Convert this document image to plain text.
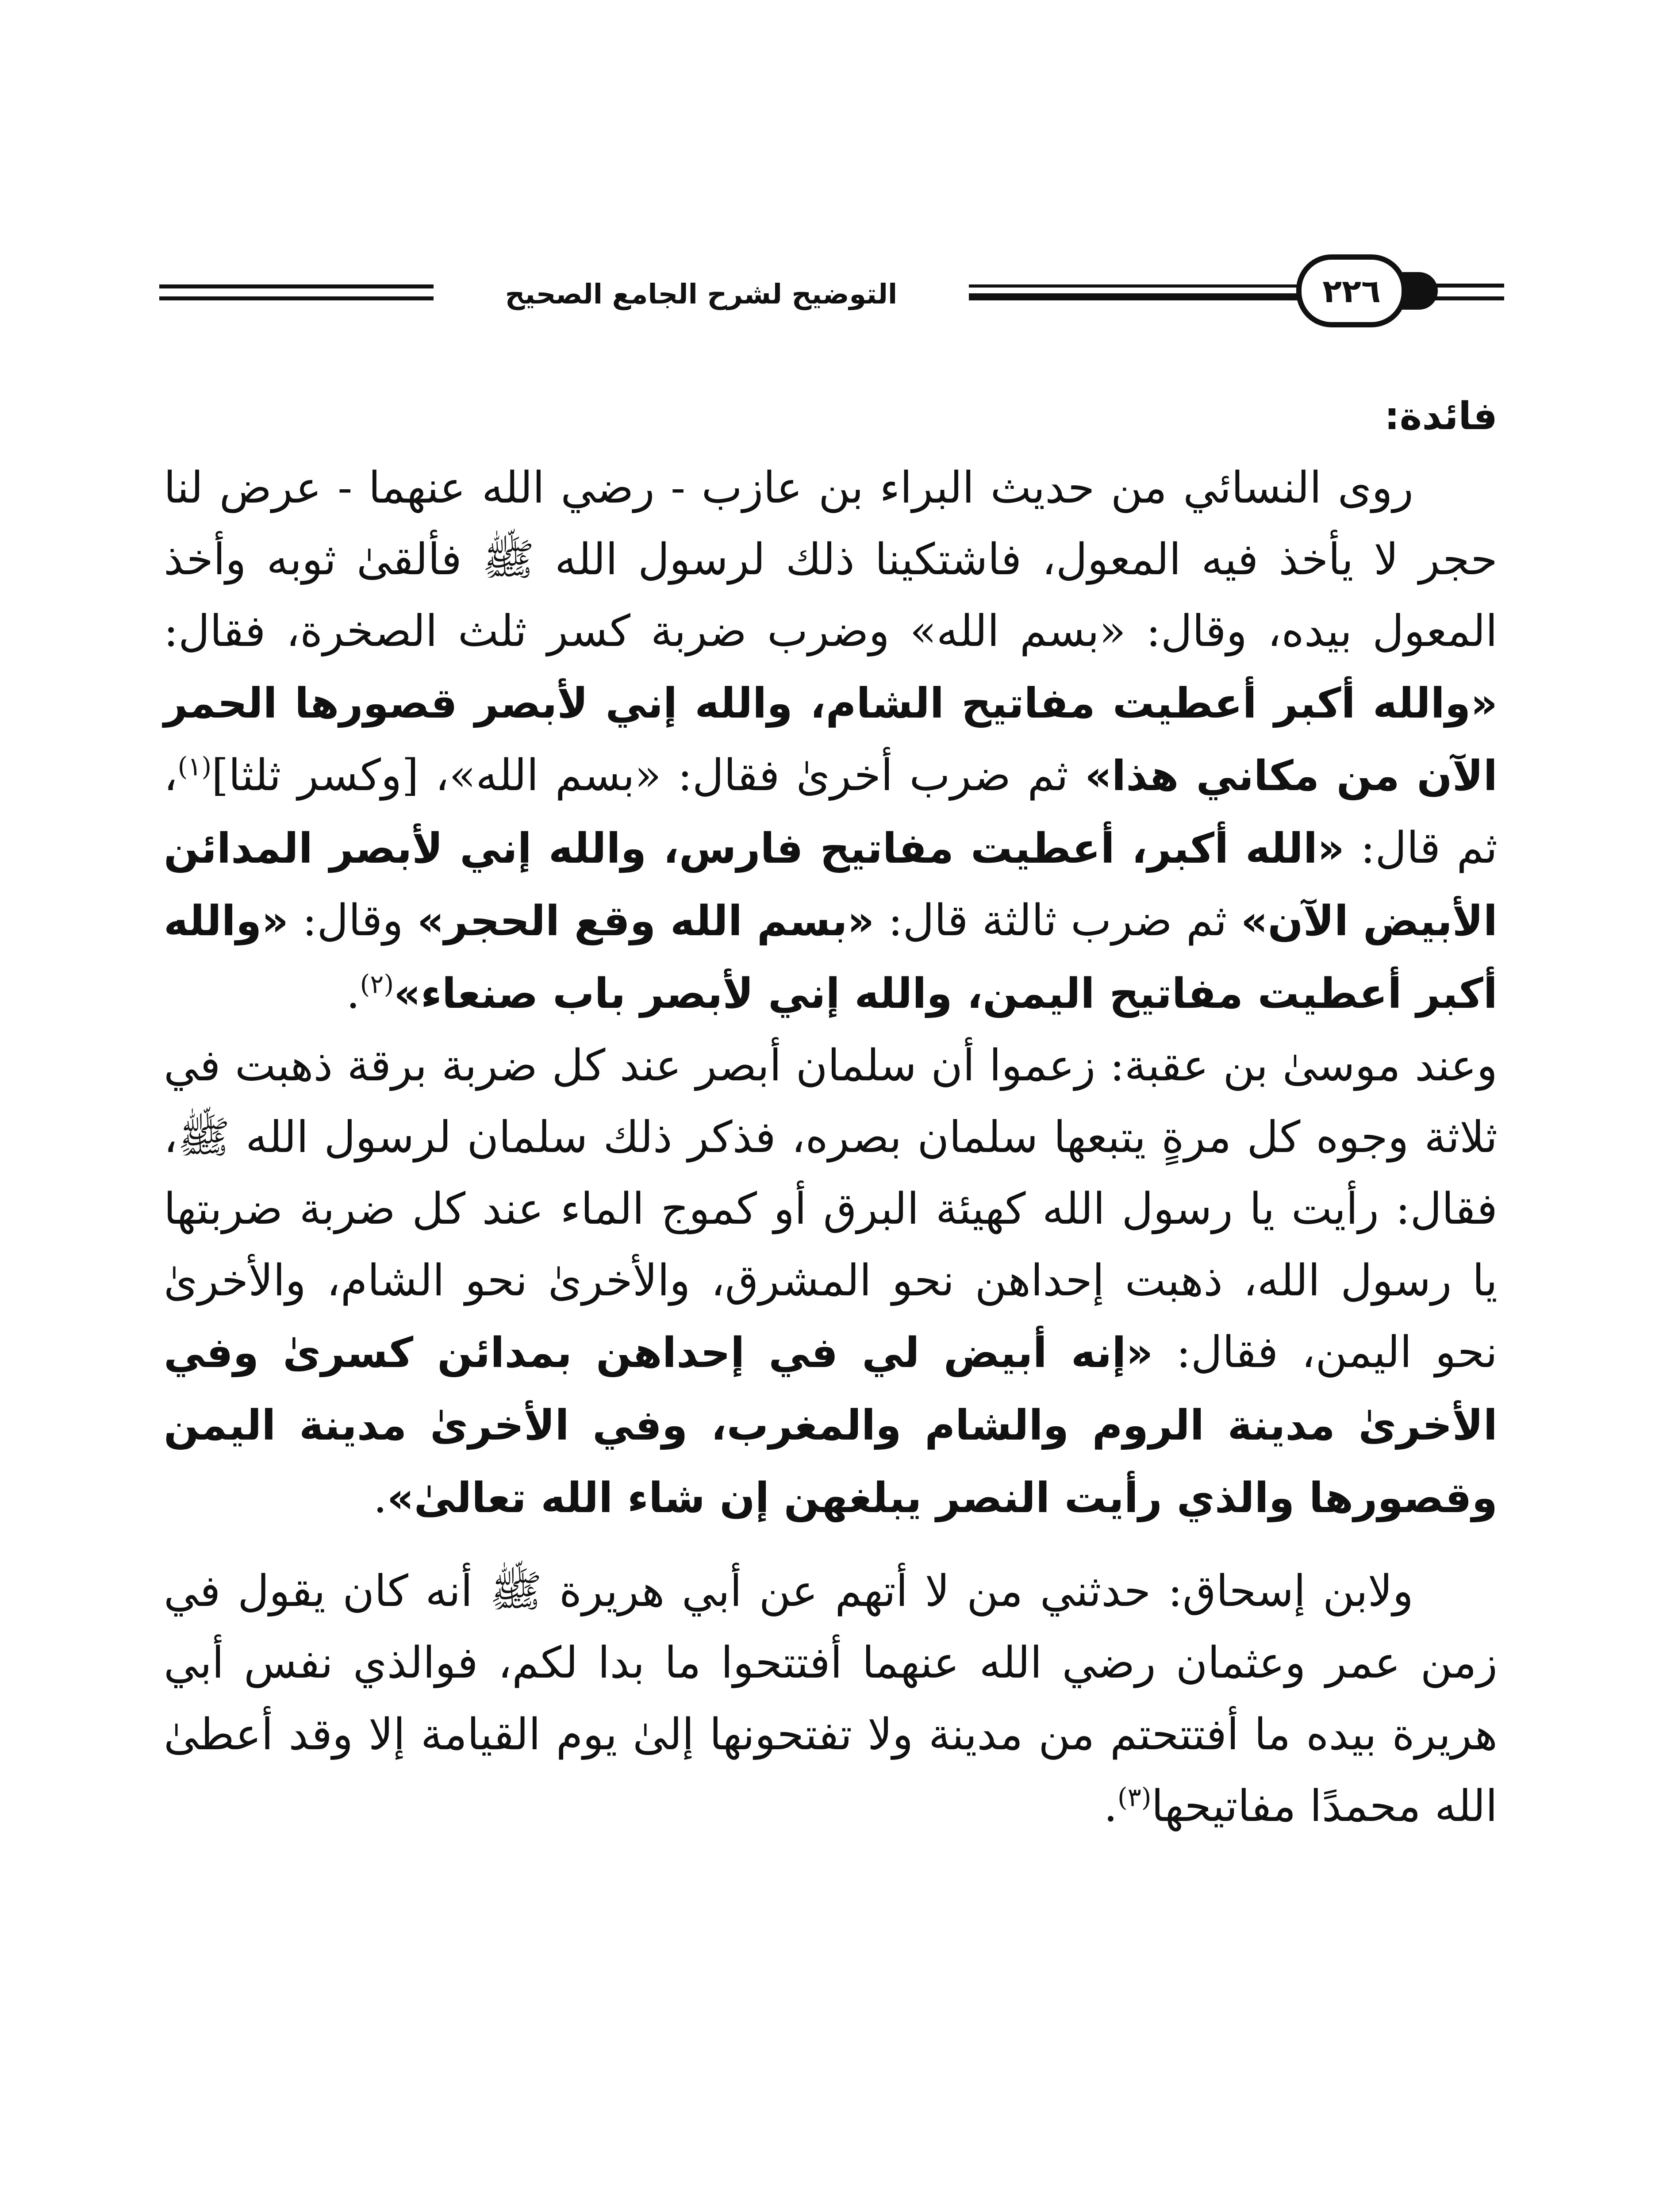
التوضيح لشرح الجامع الصحيح	٢٢٦

فائدة:

روى النسائي من حديث البراء بن عازب - رضي الله عنهما - عرض لنا حجر لا يأخذ فيه المعول، فاشتكينا ذلك لرسول الله ﷺ فألقىٰ ثوبه وأخذ المعول بيده، وقال: «بسم الله» وضرب ضربة كسر ثلث الصخرة، فقال: «والله أكبر أعطيت مفاتيح الشام، والله إني لأبصر قصورها الحمر الآن من مكاني هذا» ثم ضرب أخرىٰ فقال: «بسم الله»، [وكسر ثلثا]$^{(١)}$، ثم قال: «الله أكبر، أعطيت مفاتيح فارس، والله إني لأبصر المدائن الأبيض الآن» ثم ضرب ثالثة قال: «بسم الله وقع الحجر» وقال: «والله أكبر أعطيت مفاتيح اليمن، والله إني لأبصر باب صنعاء»$^{(٢)}$.

وعند موسىٰ بن عقبة: زعموا أن سلمان أبصر عند كل ضربة برقة ذهبت في ثلاثة وجوه كل مرةٍ يتبعها سلمان بصره، فذكر ذلك سلمان لرسول الله ﷺ، فقال: رأيت يا رسول الله كهيئة البرق أو كموج الماء عند كل ضربة ضربتها يا رسول الله، ذهبت إحداهن نحو المشرق، والأخرىٰ نحو الشام، والأخرىٰ نحو اليمن، فقال: «إنه أبيض لي في إحداهن بمدائن كسرىٰ وفي الأخرىٰ مدينة الروم والشام والمغرب، وفي الأخرىٰ مدينة اليمن وقصورها والذي رأيت النصر يبلغهن إن شاء الله تعالىٰ».

ولابن إسحاق: حدثني من لا أتهم عن أبي هريرة ﷺ أنه كان يقول في زمن عمر وعثمان رضي الله عنهما أفتتحوا ما بدا لكم، فوالذي نفس أبي هريرة بيده ما أفتتحتم من مدينة ولا تفتحونها إلىٰ يوم القيامة إلا وقد أعطىٰ الله محمدًا مفاتيحها$^{(٣)}$.
